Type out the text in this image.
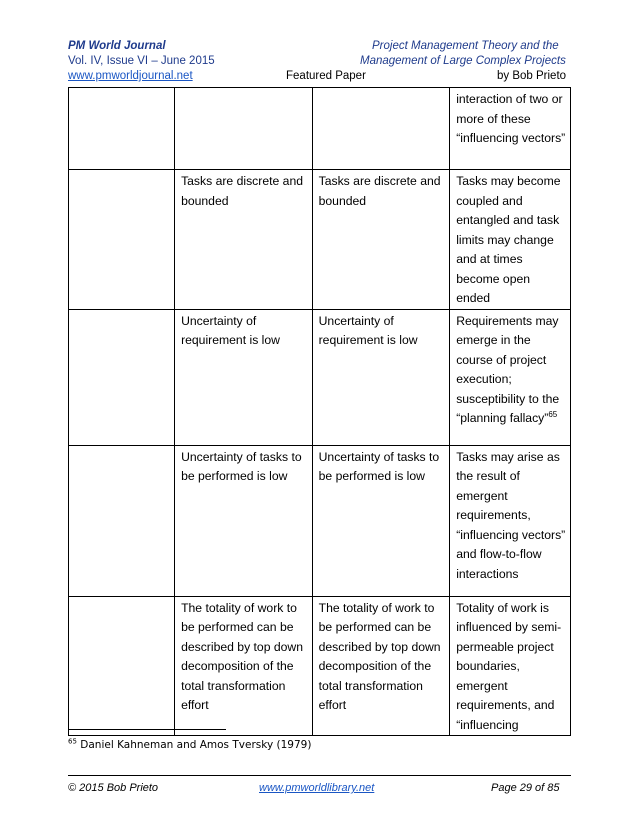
PM World Journal	Project Management Theory and the
Vol. IV, Issue VI – June 2015	Management of Large Complex Projects
www.pmworldjournal.net	Featured Paper	by Bob Prieto
			interaction of two or more of these “influencing vectors”
	Tasks are discrete and bounded	Tasks are discrete and bounded	Tasks may become coupled and entangled and task limits may change and at times become open ended
	Uncertainty of requirement is low	Uncertainty of requirement is low	Requirements may emerge in the course of project execution; susceptibility to the “planning fallacy”$^{65}$
	Uncertainty of tasks to be performed is low	Uncertainty of tasks to be performed is low	Tasks may arise as the result of emergent requirements, “influencing vectors” and flow-to-flow interactions
	The totality of work to be performed can be described by top down decomposition of the total transformation effort	The totality of work to be performed can be described by top down decomposition of the total transformation effort	Totality of work is influenced by semi-permeable project boundaries, emergent requirements, and “influencing
$^{65}$ Daniel Kahneman and Amos Tversky (1979)
© 2015 Bob Prieto	www.pmworldlibrary.net	Page 29 of 85
